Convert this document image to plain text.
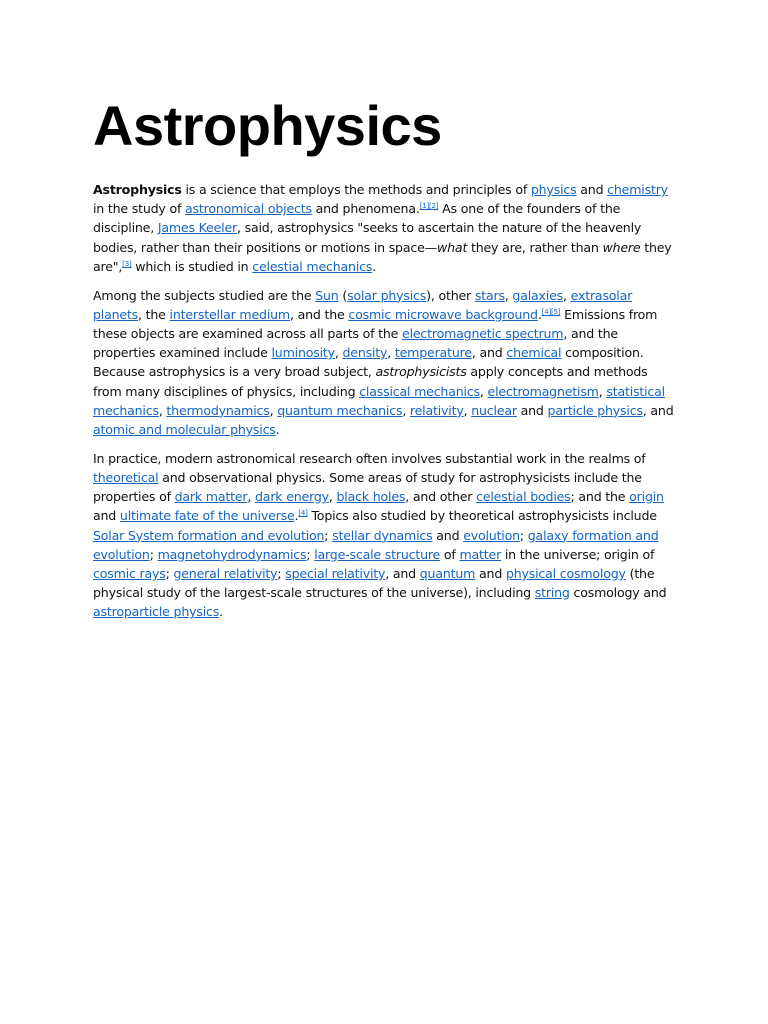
Astrophysics

Astrophysics is a science that employs the methods and principles of physics and chemistry in the study of astronomical objects and phenomena.[1][2] As one of the founders of the discipline, James Keeler, said, astrophysics "seeks to ascertain the nature of the heavenly bodies, rather than their positions or motions in space—what they are, rather than where they are",[3] which is studied in celestial mechanics.

Among the subjects studied are the Sun (solar physics), other stars, galaxies, extrasolar planets, the interstellar medium, and the cosmic microwave background.[4][5] Emissions from these objects are examined across all parts of the electromagnetic spectrum, and the properties examined include luminosity, density, temperature, and chemical composition. Because astrophysics is a very broad subject, astrophysicists apply concepts and methods from many disciplines of physics, including classical mechanics, electromagnetism, statistical mechanics, thermodynamics, quantum mechanics, relativity, nuclear and particle physics, and atomic and molecular physics.

In practice, modern astronomical research often involves substantial work in the realms of theoretical and observational physics. Some areas of study for astrophysicists include the properties of dark matter, dark energy, black holes, and other celestial bodies; and the origin and ultimate fate of the universe.[4] Topics also studied by theoretical astrophysicists include Solar System formation and evolution; stellar dynamics and evolution; galaxy formation and evolution; magnetohydrodynamics; large-scale structure of matter in the universe; origin of cosmic rays; general relativity; special relativity, and quantum and physical cosmology (the physical study of the largest-scale structures of the universe), including string cosmology and astroparticle physics.
